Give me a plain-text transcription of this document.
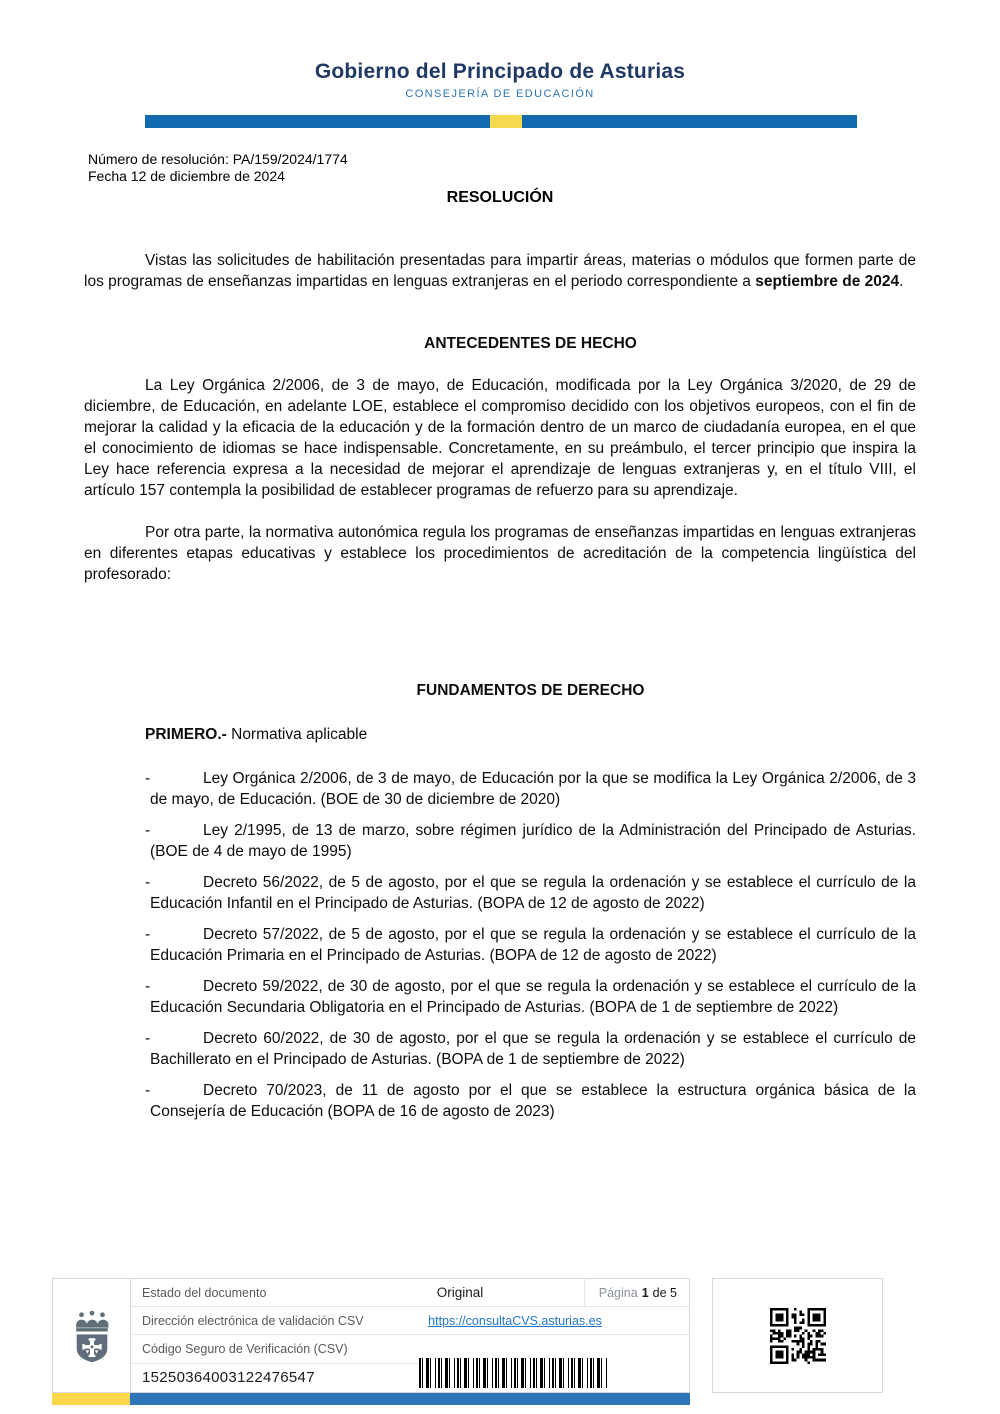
Gobierno del Principado de Asturias
CONSEJERÍA DE EDUCACIÓN
Número de resolución: PA/159/2024/1774
Fecha 12 de diciembre de 2024
RESOLUCIÓN

Vistas las solicitudes de habilitación presentadas para impartir áreas, materias o módulos que formen parte de los programas de enseñanzas impartidas en lenguas extranjeras en el periodo correspondiente a septiembre de 2024.

ANTECEDENTES DE HECHO

La Ley Orgánica 2/2006, de 3 de mayo, de Educación, modificada por la Ley Orgánica 3/2020, de 29 de diciembre, de Educación, en adelante LOE, establece el compromiso decidido con los objetivos europeos, con el fin de mejorar la calidad y la eficacia de la educación y de la formación dentro de un marco de ciudadanía europea, en el que el conocimiento de idiomas se hace indispensable. Concretamente, en su preámbulo, el tercer principio que inspira la Ley hace referencia expresa a la necesidad de mejorar el aprendizaje de lenguas extranjeras y, en el título VIII, el artículo 157 contempla la posibilidad de establecer programas de refuerzo para su aprendizaje.

Por otra parte, la normativa autonómica regula los programas de enseñanzas impartidas en lenguas extranjeras en diferentes etapas educativas y establece los procedimientos de acreditación de la competencia lingüística del profesorado:

FUNDAMENTOS DE DERECHO

PRIMERO.- Normativa aplicable

-	Ley Orgánica 2/2006, de 3 de mayo, de Educación por la que se modifica la Ley Orgánica 2/2006, de 3 de mayo, de Educación. (BOE de 30 de diciembre de 2020)
-	Ley 2/1995, de 13 de marzo, sobre régimen jurídico de la Administración del Principado de Asturias. (BOE de 4 de mayo de 1995)
-	Decreto 56/2022, de 5 de agosto, por el que se regula la ordenación y se establece el currículo de la Educación Infantil en el Principado de Asturias. (BOPA de 12 de agosto de 2022)
-	Decreto 57/2022, de 5 de agosto, por el que se regula la ordenación y se establece el currículo de la Educación Primaria en el Principado de Asturias. (BOPA de 12 de agosto de 2022)
-	Decreto 59/2022, de 30 de agosto, por el que se regula la ordenación y se establece el currículo de la Educación Secundaria Obligatoria en el Principado de Asturias. (BOPA de 1 de septiembre de 2022)
-	Decreto 60/2022, de 30 de agosto, por el que se regula la ordenación y se establece el currículo de Bachillerato en el Principado de Asturias. (BOPA de 1 de septiembre de 2022)
-	Decreto 70/2023, de 11 de agosto por el que se establece la estructura orgánica básica de la Consejería de Educación (BOPA de 16 de agosto de 2023)
Estado del documento	Original	Página 1 de 5
Dirección electrónica de validación CSV	https://consultaCVS.asturias.es
Código Seguro de Verificación (CSV)
15250364003122476547
